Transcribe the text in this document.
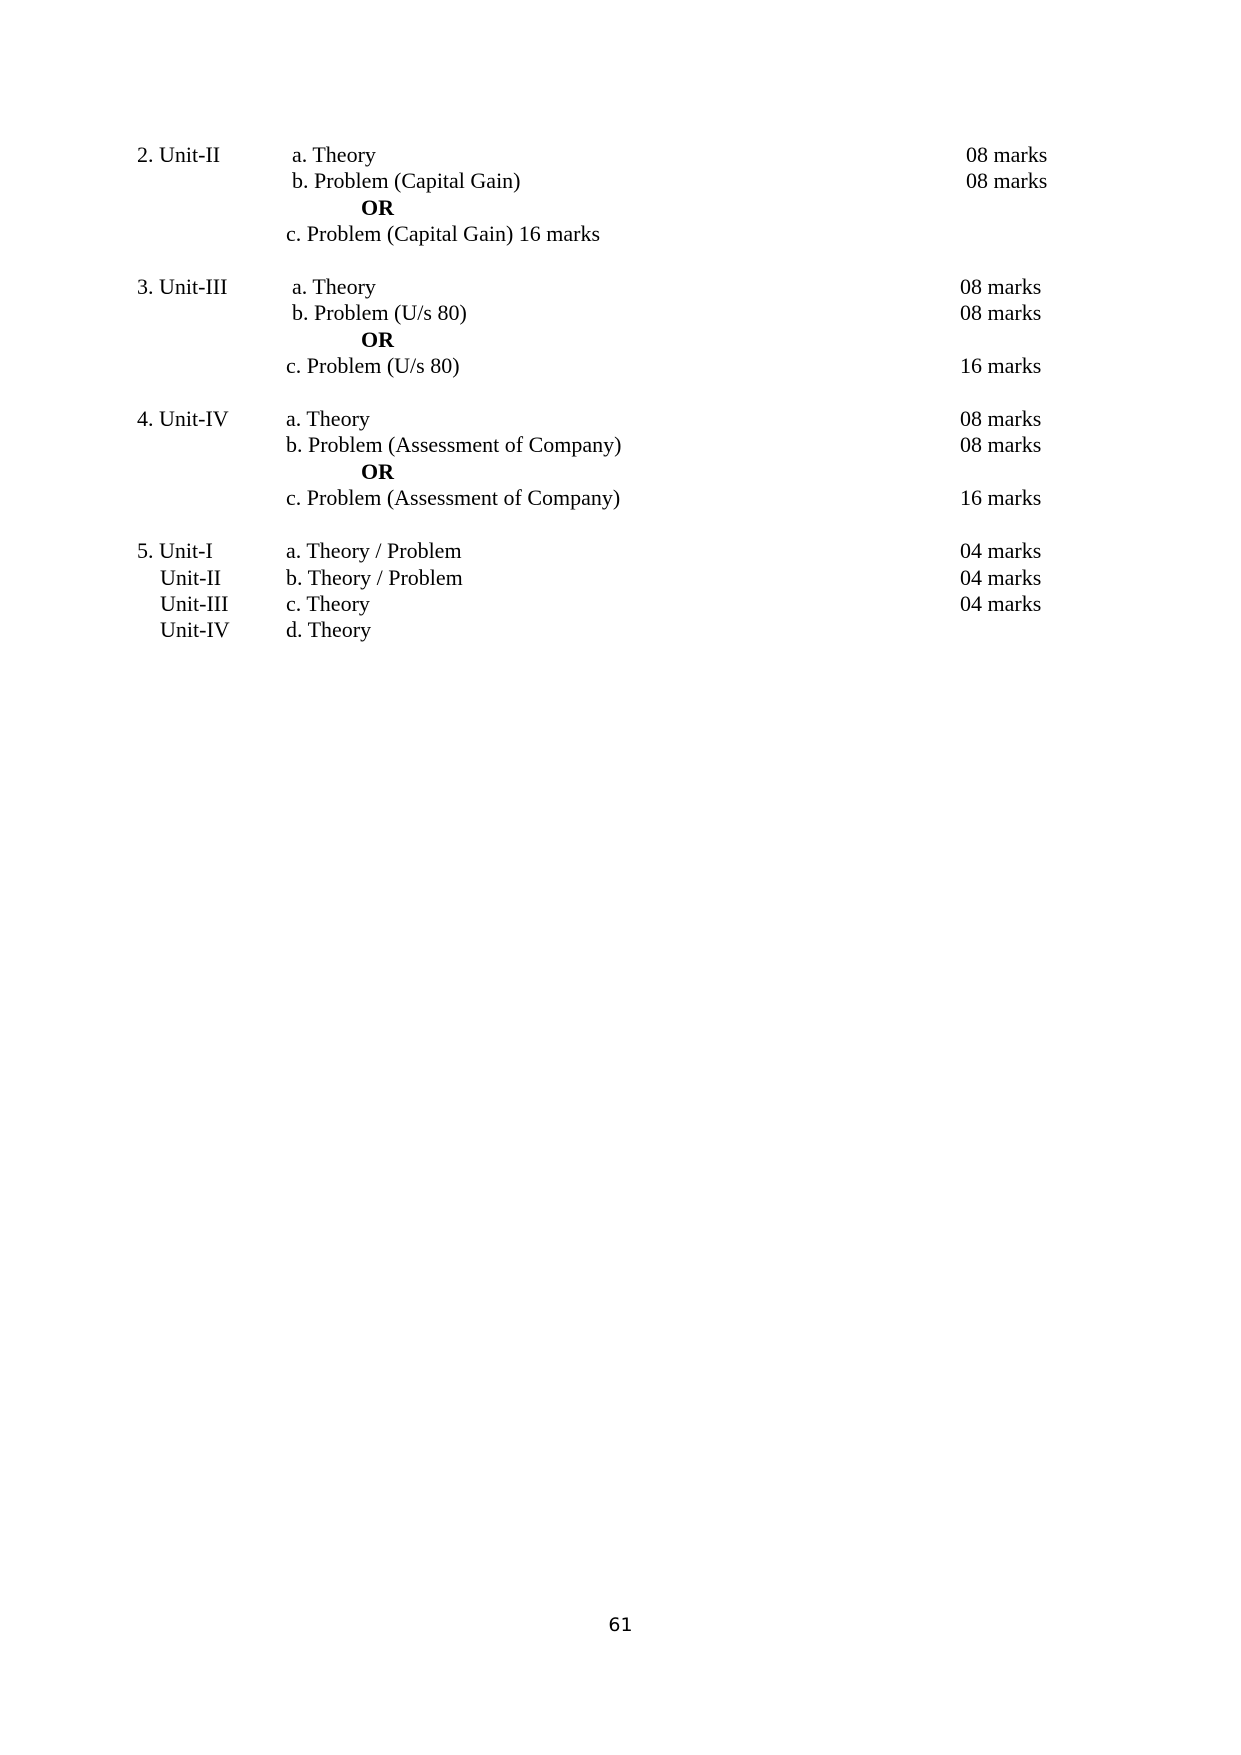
2. Unit-II	a. Theory	08 marks
b. Problem (Capital Gain)	08 marks
OR
c. Problem (Capital Gain) 16 marks
3. Unit-III	a. Theory	08 marks
b. Problem (U/s 80)	08 marks
OR
c. Problem (U/s 80)	16 marks
4. Unit-IV	a. Theory	08 marks
b. Problem (Assessment of Company)	08 marks
OR
c. Problem (Assessment of Company)	16 marks
5. Unit-I	a. Theory / Problem	04 marks
Unit-II	b. Theory / Problem	04 marks
Unit-III	c. Theory	04 marks
Unit-IV	d. Theory
61
